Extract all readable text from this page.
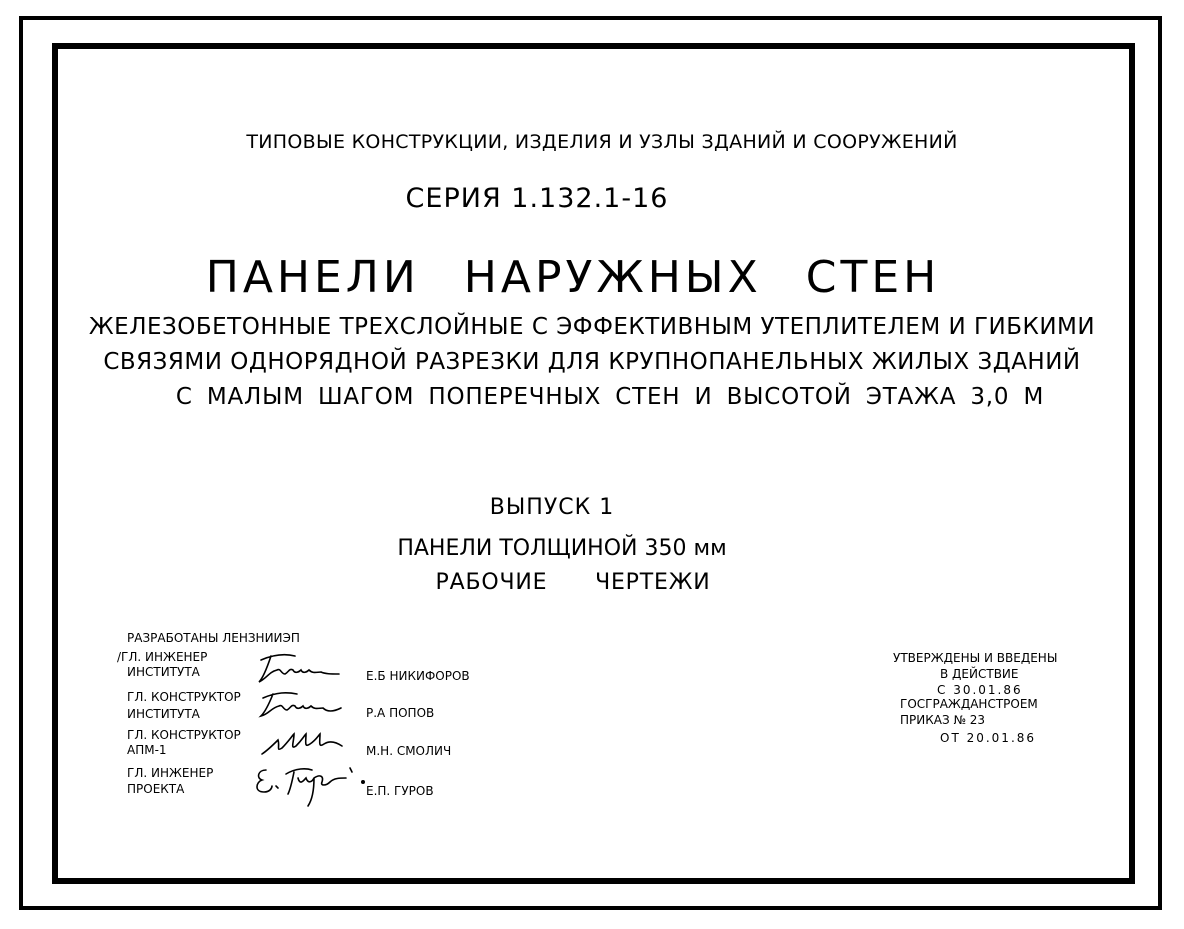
ТИПОВЫЕ КОНСТРУКЦИИ, ИЗДЕЛИЯ И УЗЛЫ ЗДАНИЙ И СООРУЖЕНИЙ
СЕРИЯ 1.132.1-16
ПАНЕЛИ НАРУЖНЫХ СТЕН
ЖЕЛЕЗОБЕТОННЫЕ ТРЕХСЛОЙНЫЕ С ЭФФЕКТИВНЫМ УТЕПЛИТЕЛЕМ И ГИБКИМИ
СВЯЗЯМИ ОДНОРЯДНОЙ РАЗРЕЗКИ ДЛЯ КРУПНОПАНЕЛЬНЫХ ЖИЛЫХ ЗДАНИЙ
С МАЛЫМ ШАГОМ ПОПЕРЕЧНЫХ СТЕН И ВЫСОТОЙ ЭТАЖА 3,0 М
ВЫПУСК 1
ПАНЕЛИ ТОЛЩИНОЙ 350 мм
РАБОЧИЕ ЧЕРТЕЖИ
РАЗРАБОТАНЫ ЛЕНЗНИИЭП
/ГЛ. ИНЖЕНЕР
ИНСТИТУТА	Е.Б НИКИФОРОВ
ГЛ. КОНСТРУКТОР
ИНСТИТУТА	Р.А ПОПОВ
ГЛ. КОНСТРУКТОР
АПМ-1	М.Н. СМОЛИЧ
ГЛ. ИНЖЕНЕР
ПРОЕКТА	Е.П. ГУРОВ
УТВЕРЖДЕНЫ И ВВЕДЕНЫ
В ДЕЙСТВИЕ
С 30.01.86
ГОСГРАЖДАНСТРОЕМ
ПРИКАЗ № 23
ОТ 20.01.86
